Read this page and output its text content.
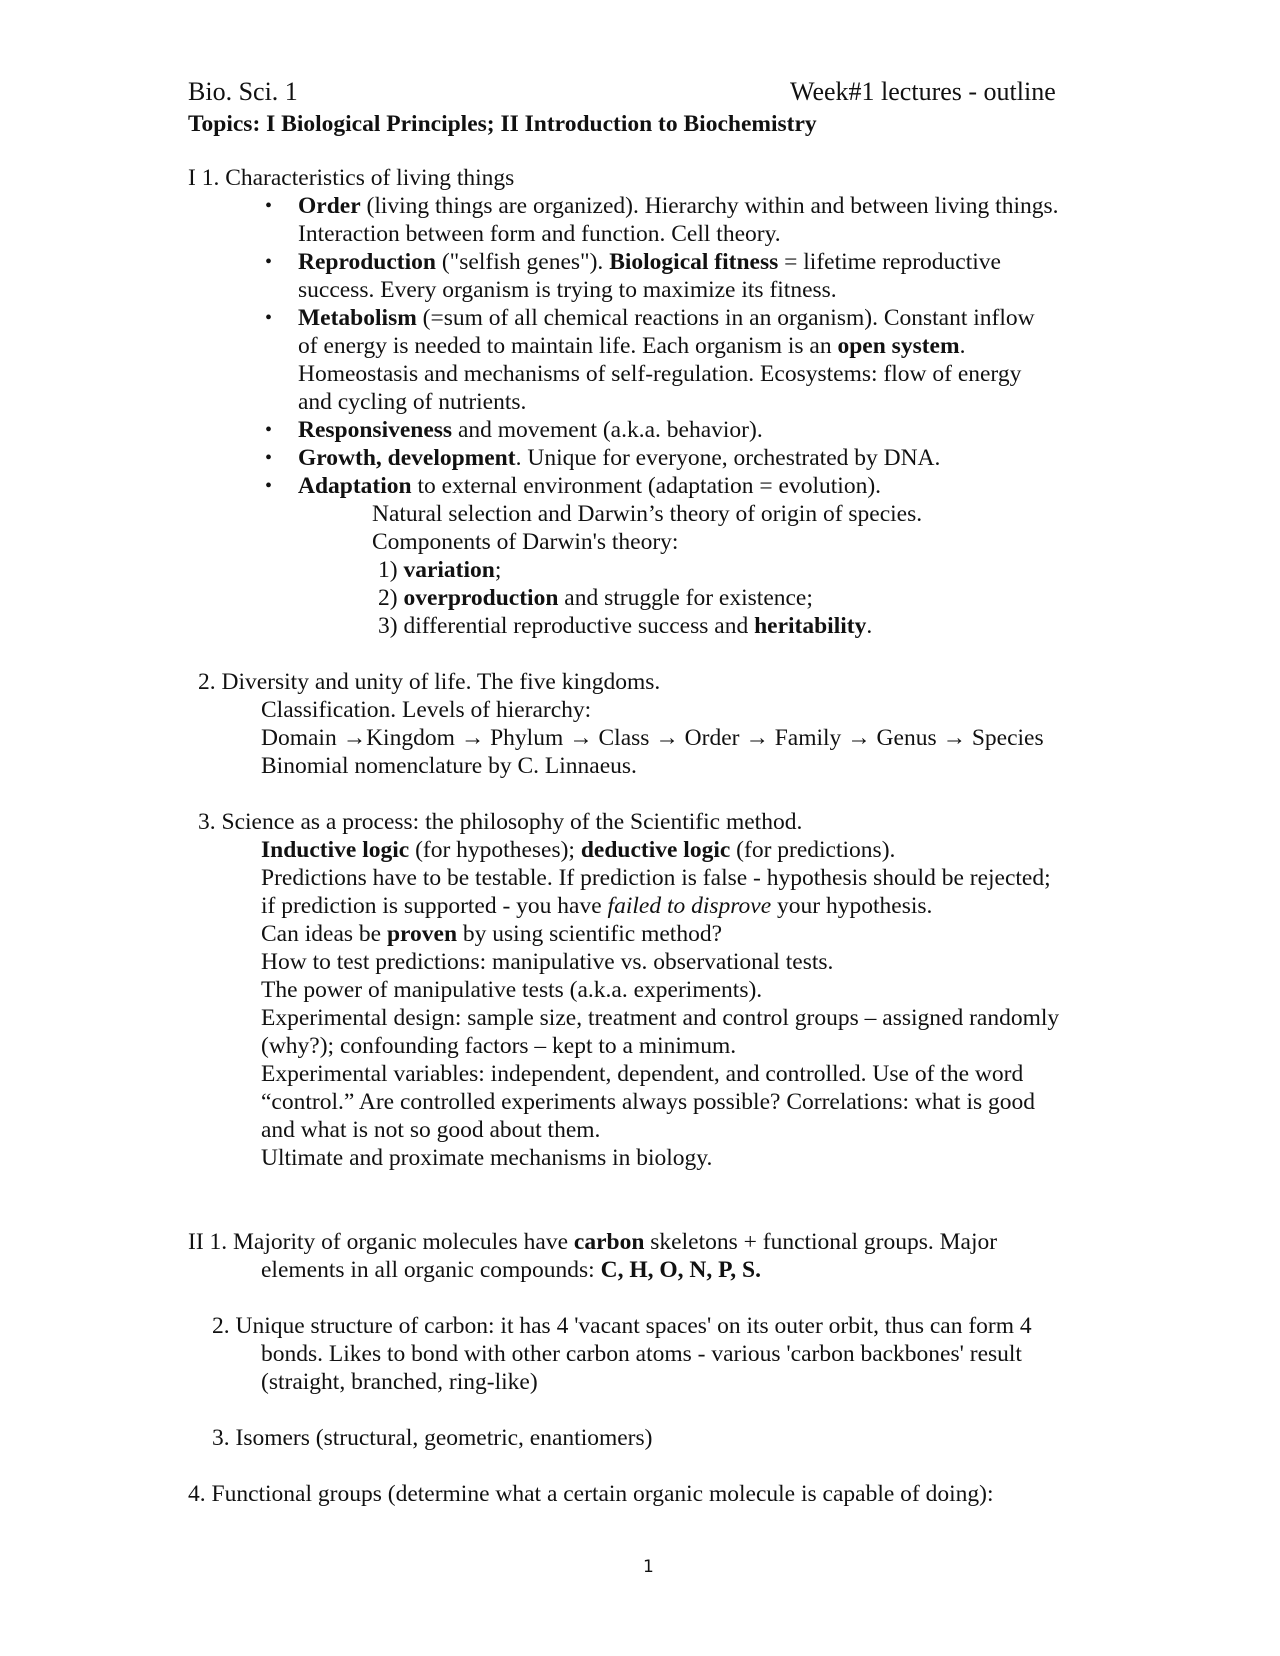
Bio. Sci. 1	Week#1 lectures - outline
Topics: I Biological Principles; II Introduction to Biochemistry
I 1. Characteristics of living things
• Order (living things are organized). Hierarchy within and between living things.
Interaction between form and function. Cell theory.
• Reproduction ("selfish genes"). Biological fitness = lifetime reproductive
success. Every organism is trying to maximize its fitness.
• Metabolism (=sum of all chemical reactions in an organism). Constant inflow
of energy is needed to maintain life. Each organism is an open system.
Homeostasis and mechanisms of self-regulation. Ecosystems: flow of energy
and cycling of nutrients.
• Responsiveness and movement (a.k.a. behavior).
• Growth, development. Unique for everyone, orchestrated by DNA.
• Adaptation to external environment (adaptation = evolution).
Natural selection and Darwin’s theory of origin of species.
Components of Darwin's theory:
1) variation;
2) overproduction and struggle for existence;
3) differential reproductive success and heritability.
2. Diversity and unity of life. The five kingdoms.
Classification. Levels of hierarchy:
Domain →Kingdom → Phylum → Class → Order → Family → Genus → Species
Binomial nomenclature by C. Linnaeus.
3. Science as a process: the philosophy of the Scientific method.
Inductive logic (for hypotheses); deductive logic (for predictions).
Predictions have to be testable. If prediction is false - hypothesis should be rejected;
if prediction is supported - you have failed to disprove your hypothesis.
Can ideas be proven by using scientific method?
How to test predictions: manipulative vs. observational tests.
The power of manipulative tests (a.k.a. experiments).
Experimental design: sample size, treatment and control groups – assigned randomly
(why?); confounding factors – kept to a minimum.
Experimental variables: independent, dependent, and controlled. Use of the word
“control.” Are controlled experiments always possible? Correlations: what is good
and what is not so good about them.
Ultimate and proximate mechanisms in biology.
II 1. Majority of organic molecules have carbon skeletons + functional groups. Major
elements in all organic compounds: C, H, O, N, P, S.
2. Unique structure of carbon: it has 4 'vacant spaces' on its outer orbit, thus can form 4
bonds. Likes to bond with other carbon atoms - various 'carbon backbones' result
(straight, branched, ring-like)
3. Isomers (structural, geometric, enantiomers)
4. Functional groups (determine what a certain organic molecule is capable of doing):
1
